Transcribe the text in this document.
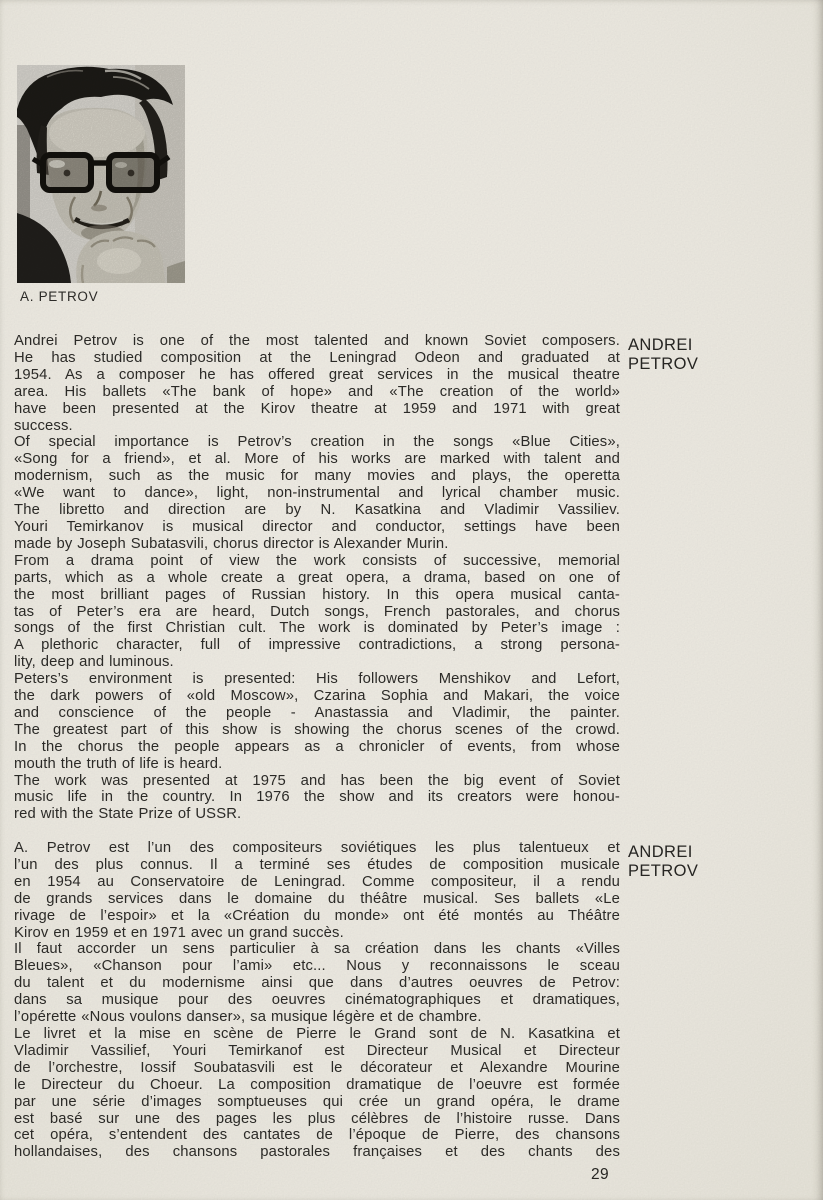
A. PETROV
Andrei Petrov is one of the most talented and known Soviet composers.
He has studied composition at the Leningrad Odeon and graduated at
1954. As a composer he has offered great services in the musical theatre
area. His ballets «The bank of hope» and «The creation of the world»
have been presented at the Kirov theatre at 1959 and 1971 with great
success.
Of special importance is Petrov’s creation in the songs «Blue Cities»,
«Song for a friend», et al. More of his works are marked with talent and
modernism, such as the music for many movies and plays, the operetta
«We want to dance», light, non-instrumental and lyrical chamber music.
The libretto and direction are by N. Kasatkina and Vladimir Vassiliev.
Youri Temirkanov is musical director and conductor, settings have been
made by Joseph Subatasvili, chorus director is Alexander Murin.
From a drama point of view the work consists of successive, memorial
parts, which as a whole create a great opera, a drama, based on one of
the most brilliant pages of Russian history. In this opera musical canta-
tas of Peter’s era are heard, Dutch songs, French pastorales, and chorus
songs of the first Christian cult. The work is dominated by Peter’s image :
A plethoric character, full of impressive contradictions, a strong persona-
lity, deep and luminous.
Peters’s environment is presented: His followers Menshikov and Lefort,
the dark powers of «old Moscow», Czarina Sophia and Makari, the voice
and conscience of the people - Anastassia and Vladimir, the painter.
The greatest part of this show is showing the chorus scenes of the crowd.
In the chorus the people appears as a chronicler of events, from whose
mouth the truth of life is heard.
The work was presented at 1975 and has been the big event of Soviet
music life in the country. In 1976 the show and its creators were honou-
red with the State Prize of USSR.
ANDREI PETROV
A. Petrov est l’un des compositeurs soviétiques les plus talentueux et
l’un des plus connus. Il a terminé ses études de composition musicale
en 1954 au Conservatoire de Leningrad. Comme compositeur, il a rendu
de grands services dans le domaine du théâtre musical. Ses ballets «Le
rivage de l’espoir» et la «Création du monde» ont été montés au Théâtre
Kirov en 1959 et en 1971 avec un grand succès.
Il faut accorder un sens particulier à sa création dans les chants «Villes
Bleues», «Chanson pour l’ami» etc... Nous y reconnaissons le sceau
du talent et du modernisme ainsi que dans d’autres oeuvres de Petrov:
dans sa musique pour des oeuvres cinématographiques et dramatiques,
l’opérette «Nous voulons danser», sa musique légère et de chambre.
Le livret et la mise en scène de Pierre le Grand sont de N. Kasatkina et
Vladimir Vassilief, Youri Temirkanof est Directeur Musical et Directeur
de l’orchestre, Iossif Soubatasvili est le décorateur et Alexandre Mourine
le Directeur du Choeur. La composition dramatique de l’oeuvre est formée
par une série d’images somptueuses qui crée un grand opéra, le drame
est basé sur une des pages les plus célèbres de l’histoire russe. Dans
cet opéra, s’entendent des cantates de l’époque de Pierre, des chansons
hollandaises, des chansons pastorales françaises et des chants des
ANDREI PETROV
29
